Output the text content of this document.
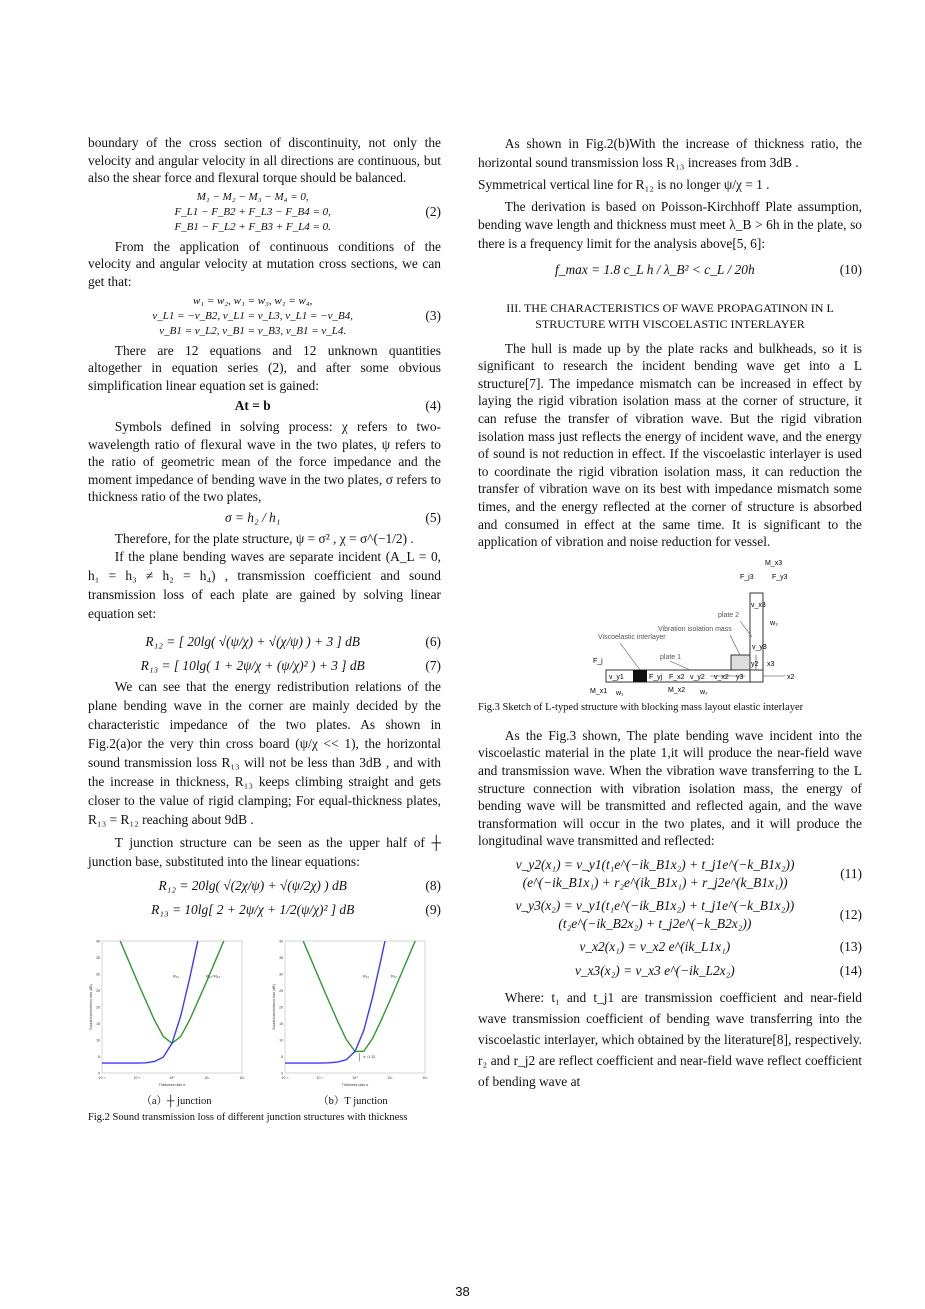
boundary of the cross section of discontinuity, not only the velocity and angular velocity in all directions are continuous, but also the shear force and flexural torque should be balanced.
M₁ − M₂ − M₃ − M₄ = 0,
F_L1 − F_B2 + F_L3 − F_B4 = 0,
F_B1 − F_L2 + F_B3 + F_L4 = 0.
(2)
From the application of continuous conditions of the velocity and angular velocity at mutation cross sections, we can get that:
w₁ = w₂, w₁ = w₃, w₁ = w₄,
v_L1 = −v_B2, v_L1 = v_L3, v_L1 = −v_B4,
v_B1 = v_L2, v_B1 = v_B3, v_B1 = v_L4.
(3)
There are 12 equations and 12 unknown quantities altogether in equation series (2), and after some obvious simplification linear equation set is gained:
At = b	(4)
Symbols defined in solving process: χ refers to two-wavelength ratio of flexural wave in the two plates, ψ refers to the ratio of geometric mean of the force impedance and the moment impedance of bending wave in the two plates, σ refers to thickness ratio of the two plates,
σ = h₂ / h₁	(5)
Therefore, for the plate structure, ψ = σ² , χ = σ^(−1/2) .
If the plane bending waves are separate incident (A_L = 0, h₁ = h₃ ≠ h₂ = h₄) , transmission coefficient and sound transmission loss of each plate are gained by solving linear equation set:
R₁₂ = [ 20lg( √(ψ/χ) + √(χ/ψ) ) + 3 ] dB	(6)
R₁₃ = [ 10lg( 1 + 2ψ/χ + (ψ/χ)² ) + 3 ] dB	(7)
We can see that the energy redistribution relations of the plane bending wave in the corner are mainly decided by the characteristic impedance of the two plates. As shown in Fig.2(a)or the very thin cross board (ψ/χ << 1), the horizontal sound transmission loss R₁₃ will not be less than 3dB , and with the increase in thickness, R₁₃ keeps climbing straight and gets closer to the value of rigid clamping; For equal-thickness plates, R₁₃ = R₁₂ reaching about 9dB .
T junction structure can be seen as the upper half of ┼ junction base, substituted into the linear equations:
R₁₂ = 20lg( √(2χ/ψ) + √(ψ/2χ) ) dB	(8)
R₁₃ = 10lg[ 2 + 2ψ/χ + 1/2(ψ/χ)² ] dB	(9)
0
5
10
15
20
25
30
35
40
10⁻²	10⁻¹	10⁰	10¹	10²
Thickness ratio σ
Sound transmission loss (dB)
R₁₂=R₁₃
R₁₃
0
5
10
15
20
25
30
35
40
10⁻²	10⁻¹	10⁰	10¹	10²
Thickness ratio σ
Sound transmission loss (dB)
R₁₂
R₁₃
σ =1.32
（a）┼ junction	（b）T junction
Fig.2 Sound transmission loss of different junction structures with thickness
As shown in Fig.2(b)With the increase of thickness ratio, the horizontal sound transmission loss R₁₃ increases from 3dB .
Symmetrical vertical line for R₁₂ is no longer ψ/χ = 1 .
The derivation is based on Poisson-Kirchhoff Plate assumption, bending wave length and thickness must meet λ_B > 6h in the plate, so there is a frequency limit for the analysis above[5, 6]:
f_max = 1.8 c_L h / λ_B² < c_L / 20h	(10)
III. THE CHARACTERISTICS OF WAVE PROPAGATINON IN L STRUCTURE WITH VISCOELASTIC INTERLAYER
The hull is made up by the plate racks and bulkheads, so it is significant to research the incident bending wave get into a L structure[7]. The impedance mismatch can be increased in effect by laying the rigid vibration isolation mass at the corner of structure, it can refuse the transfer of vibration wave. But the rigid vibration isolation mass just reflects the energy of incident wave, and the energy of sound is not reduction in effect. If the viscoelastic interlayer is used to coordinate the rigid vibration isolation mass, it can reduction the transfer of vibration wave on its best with impedance mismatch some times, and the energy reflected at the corner of structure is absorbed and consumed in effect at the same time. It is significant to the application of vibration and noise reduction for vessel.
Viscoelastic interlayer
plate 1
plate 2
Vibration isolation mass
M_x3
F_j3	F_y3
F_j
v_y1
M_x1 w₁
F_yj F_x2
M_x2
v_y2 v_x2
w₂
y3	x2
y2 x3
v_y3
v_x3
w₃
Fig.3 Sketch of L-typed structure with blocking mass layout elastic interlayer
As the Fig.3 shown, The plate bending wave incident into the viscoelastic material in the plate 1,it will produce the near-field wave and transmission wave. When the vibration wave transferring to the L structure connection with vibration isolation mass, the energy of bending wave will be transmitted and reflected again, and the wave transformation will occur in the two plates, and it will produce the longitudinal wave transmitted and reflected:
v_y2(x₁) = v_y1(t₁e^(−ik_B1x₂) + t_j1e^(−k_B1x₂))(e^(−ik_B1x₁) + r₂e^(ik_B1x₁) + r_j2e^(k_B1x₁))
(11)
v_y3(x₂) = v_y1(t₁e^(−ik_B1x₂) + t_j1e^(−k_B1x₂))(t₂e^(−ik_B2x₂) + t_j2e^(−k_B2x₂))
(12)
v_x2(x₁) = v_x2 e^(ik_L1x₁)	(13)
v_x3(x₂) = v_x3 e^(−ik_L2x₂)	(14)
Where: t₁ and t_j1 are transmission coefficient and near-field wave transmission coefficient of bending wave transferring into the viscoelastic interlayer, which obtained by the literature[8], respectively. r₂ and r_j2 are reflect coefficient and near-field wave reflect coefficient of bending wave at
38
